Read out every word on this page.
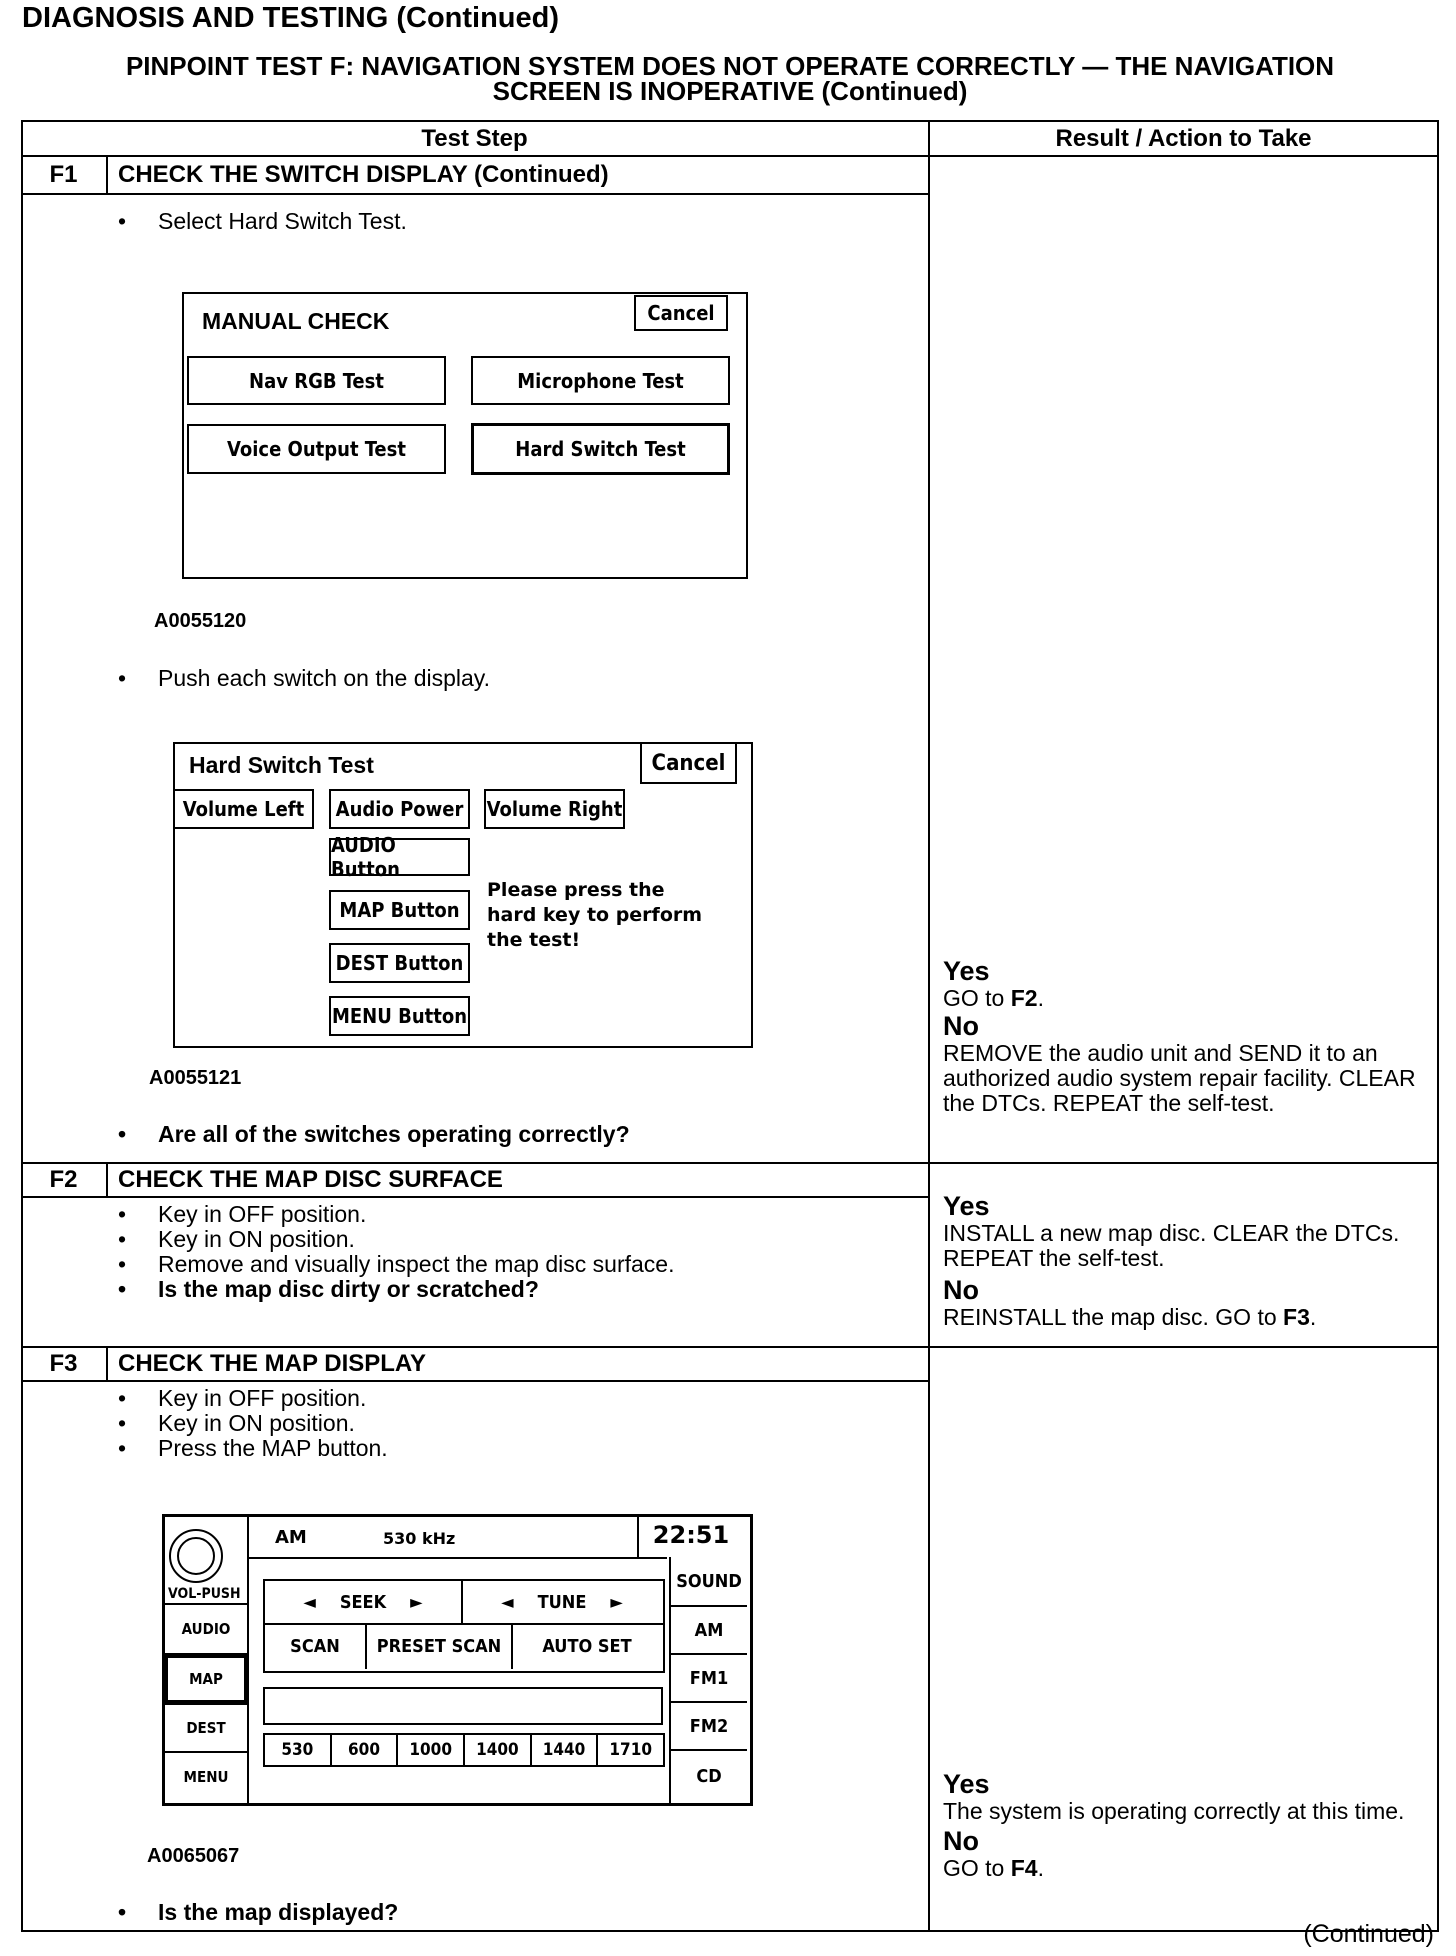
DIAGNOSIS AND TESTING (Continued)
PINPOINT TEST F: NAVIGATION SYSTEM DOES NOT OPERATE CORRECTLY — THE NAVIGATION
SCREEN IS INOPERATIVE (Continued)
Test Step	Result / Action to Take
F1	CHECK THE SWITCH DISPLAY (Continued)
• Select Hard Switch Test.
MANUAL CHECK	Cancel
Nav RGB Test	Microphone Test
Voice Output Test	Hard Switch Test
A0055120
• Push each switch on the display.
Hard Switch Test	Cancel
Volume Left	Audio Power	Volume Right
AUDIO Button
MAP Button
DEST Button
MENU Button
Please press the hard key to perform the test!
A0055121
• Are all of the switches operating correctly?
Yes
GO to F2.
No
REMOVE the audio unit and SEND it to an authorized audio system repair facility. CLEAR the DTCs. REPEAT the self-test.
F2	CHECK THE MAP DISC SURFACE
• Key in OFF position.
• Key in ON position.
• Remove and visually inspect the map disc surface.
• Is the map disc dirty or scratched?
Yes
INSTALL a new map disc. CLEAR the DTCs. REPEAT the self-test.
No
REINSTALL the map disc. GO to F3.
F3	CHECK THE MAP DISPLAY
• Key in OFF position.
• Key in ON position.
• Press the MAP button.
VOL-PUSH
AUDIO
MAP
DEST
MENU
AM	530 kHz	22:51
SOUND
AM
FM1
FM2
CD
◄ SEEK ►	◄ TUNE ►
SCAN	PRESET SCAN	AUTO SET
530	600	1000	1400	1440	1710
A0065067
• Is the map displayed?
Yes
The system is operating correctly at this time.
No
GO to F4.
(Continued)
